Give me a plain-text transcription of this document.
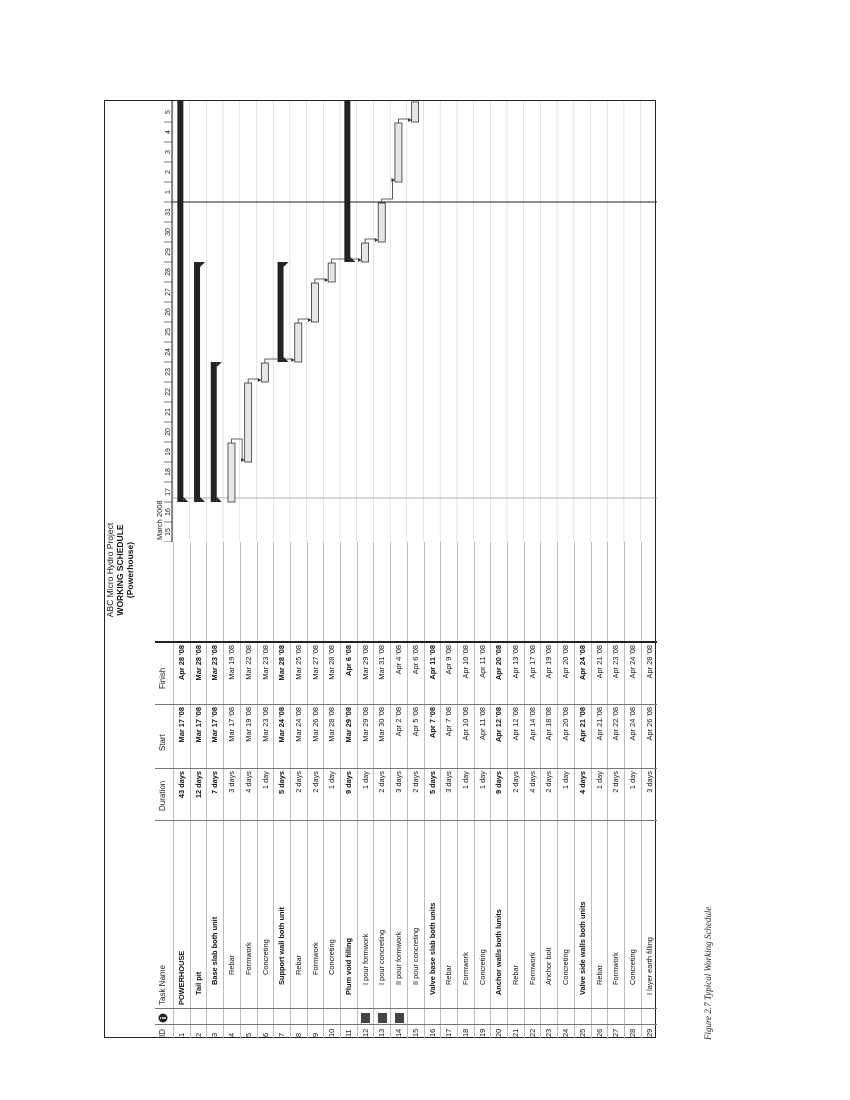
ABC Micro Hydro Project WORKING SCHEDULE (Powerhouse)
ID
Task Name
Duration
Start
Finish
1
POWERHOUSE
43 days
Mar 17 '08
Apr 28 '08
2
Tail pit
12 days
Mar 17 '08
Mar 28 '08
3
Base slab both unit
7 days
Mar 17 '08
Mar 23 '08
4
Rebar
3 days
Mar 17 '08
Mar 19 '08
5
Formwork
4 days
Mar 19 '08
Mar 22 '08
6
Concreting
1 day
Mar 23 '08
Mar 23 '08
7
Support wall both unit
5 days
Mar 24 '08
Mar 28 '08
8
Rebar
2 days
Mar 24 '08
Mar 25 '08
9
Formwork
2 days
Mar 26 '08
Mar 27 '08
10
Concreting
1 day
Mar 28 '08
Mar 28 '08
11
Plum void filling
9 days
Mar 29 '08
Apr 6 '08
12
I pour formwork
1 day
Mar 29 '08
Mar 29 '08
13
I pour concreting
2 days
Mar 30 '08
Mar 31 '08
14
II pour formwork
3 days
Apr 2 '08
Apr 4 '08
15
II pour concreting
2 days
Apr 5 '08
Apr 6 '08
16
Valve base slab both units
5 days
Apr 7 '08
Apr 11 '08
17
Rebar
3 days
Apr 7 '08
Apr 9 '08
18
Formwork
1 day
Apr 10 '08
Apr 10 '08
19
Concreting
1 day
Apr 11 '08
Apr 11 '08
20
Anchor walls both lunits
9 days
Apr 12 '08
Apr 20 '08
21
Rebar
2 days
Apr 12 '08
Apr 13 '08
22
Formwork
4 days
Apr 14 '08
Apr 17 '08
23
Anchor bolt
2 days
Apr 18 '08
Apr 19 '08
24
Concreting
1 day
Apr 20 '08
Apr 20 '08
25
Valve side walls both units
4 days
Apr 21 '08
Apr 24 '08
26
Rebar
1 day
Apr 21 '08
Apr 21 '08
27
Formwork
2 days
Apr 22 '08
Apr 23 '08
28
Concreting
1 day
Apr 24 '08
Apr 24 '08
29
I layer earth filling
3 days
Apr 26 '08
Apr 28 '08
March 2008 15
16
17
18
19
20
21
22
23
24
25
26
27
28
29
30
31
1
2
3
4
5
Figure 2.7 Typical Working Schedule
